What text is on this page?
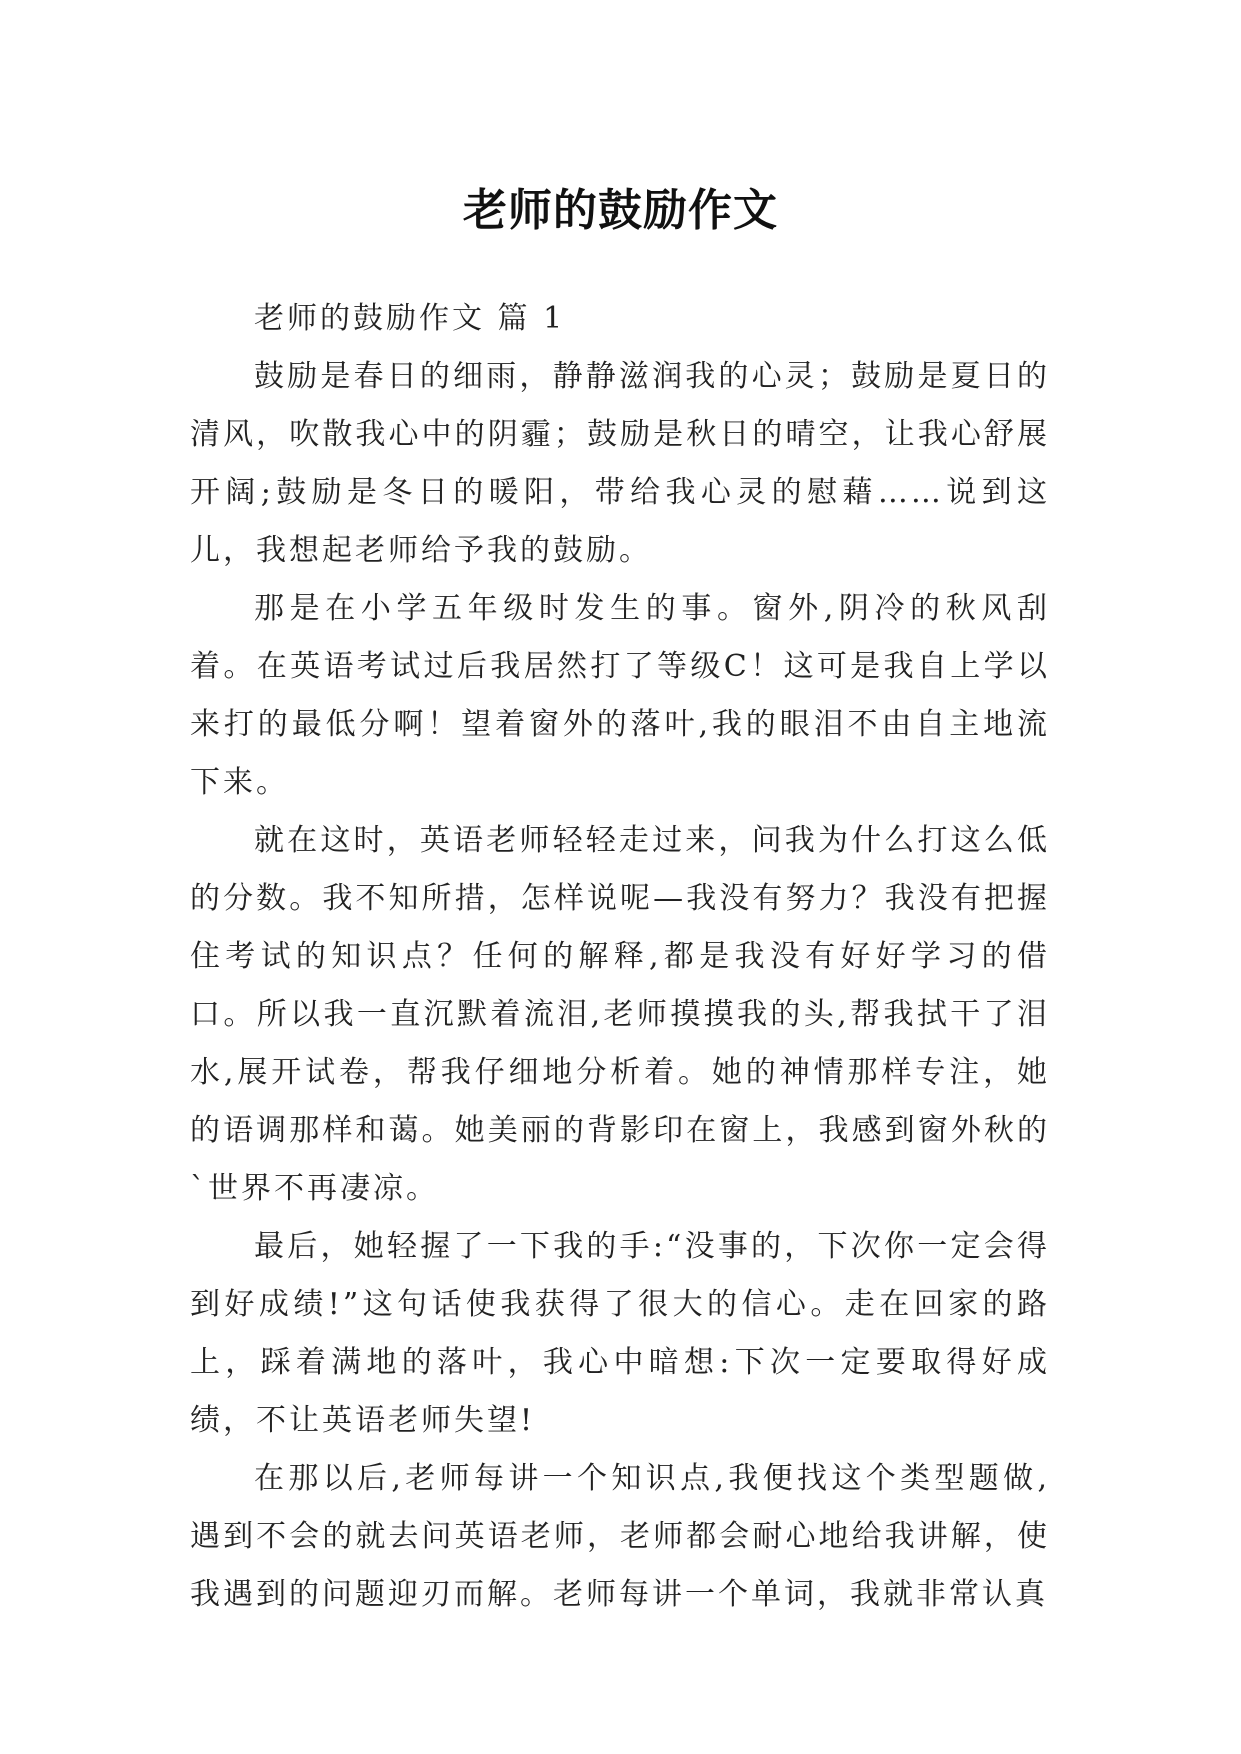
老师的鼓励作文

老师的鼓励作文 篇 1

鼓励是春日的细雨，静静滋润我的心灵；鼓励是夏日的清风，吹散我心中的阴霾；鼓励是秋日的晴空，让我心舒展开阔;鼓励是冬日的暖阳，带给我心灵的慰藉……说到这儿，我想起老师给予我的鼓励。

那是在小学五年级时发生的事。窗外,阴冷的秋风刮着。在英语考试过后我居然打了等级C！这可是我自上学以来打的最低分啊！望着窗外的落叶,我的眼泪不由自主地流下来。

就在这时，英语老师轻轻走过来，问我为什么打这么低的分数。我不知所措，怎样说呢—我没有努力？我没有把握住考试的知识点？任何的解释,都是我没有好好学习的借口。所以我一直沉默着流泪,老师摸摸我的头,帮我拭干了泪水,展开试卷，帮我仔细地分析着。她的神情那样专注，她的语调那样和蔼。她美丽的背影印在窗上，我感到窗外秋的`世界不再凄凉。

最后，她轻握了一下我的手:“没事的，下次你一定会得到好成绩!”这句话使我获得了很大的信心。走在回家的路上，踩着满地的落叶，我心中暗想:下次一定要取得好成绩，不让英语老师失望!

在那以后,老师每讲一个知识点,我便找这个类型题做,遇到不会的就去问英语老师，老师都会耐心地给我讲解，使我遇到的问题迎刃而解。老师每讲一个单词，我就非常认真
